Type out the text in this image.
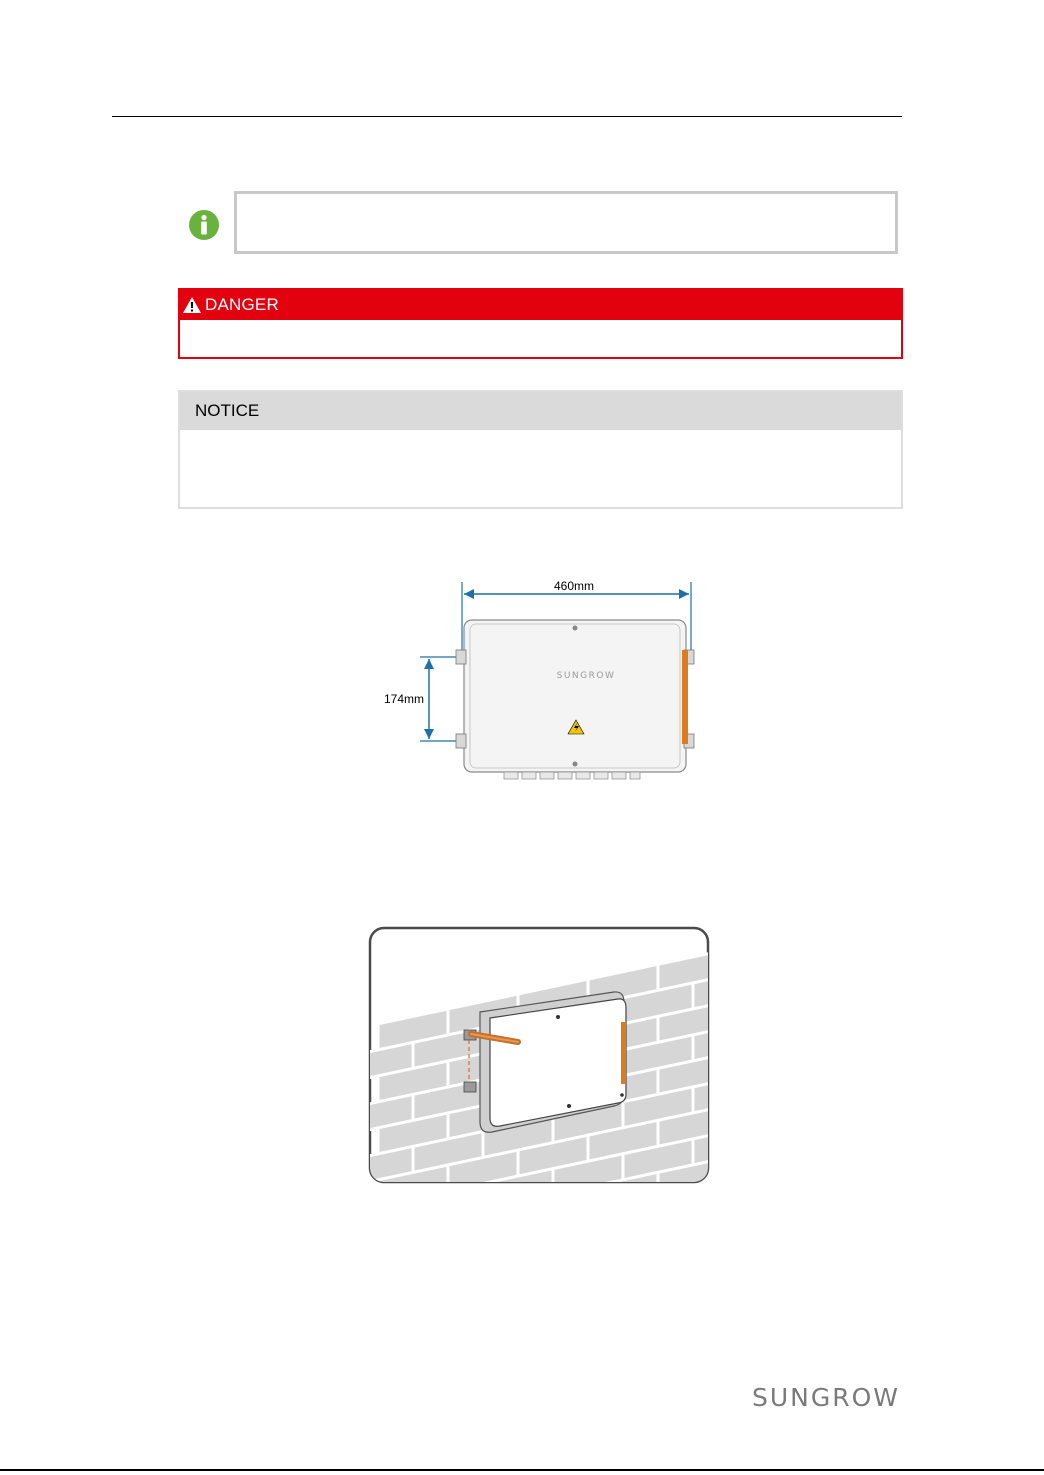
DANGER
NOTICE
460mm
174mm
SUNGROW
SUNGROW
